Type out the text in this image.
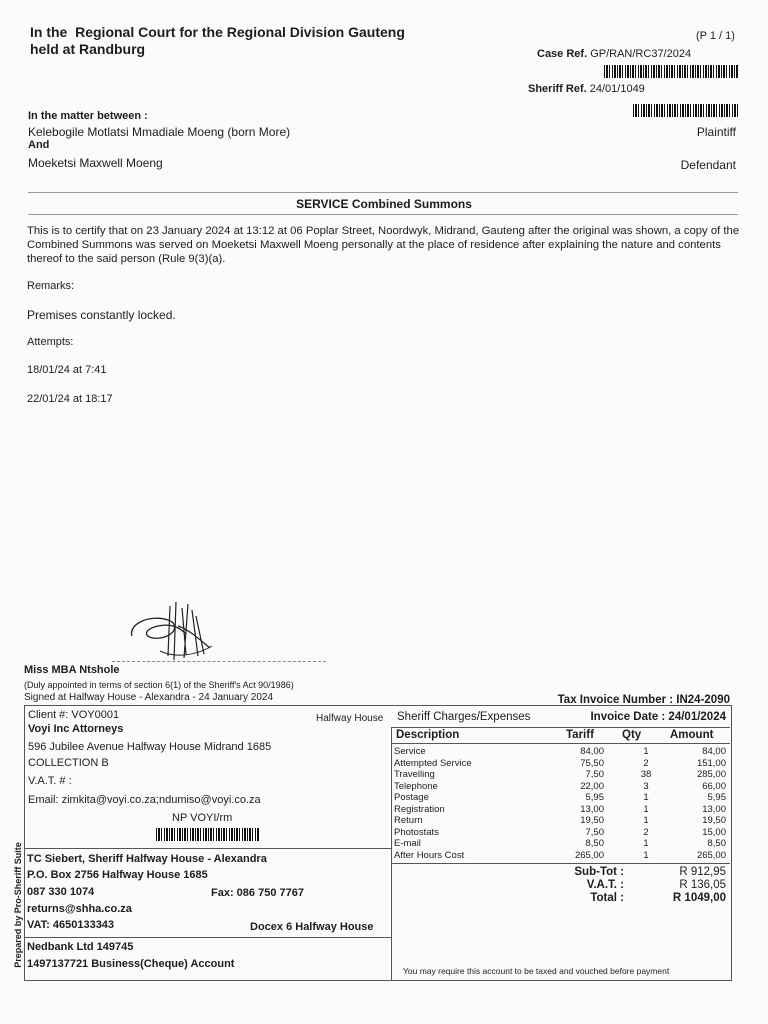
In the  Regional Court for the Regional Division Gauteng
held at Randburg
(P 1 / 1)
Case Ref. GP/RAN/RC37/2024
Sheriff Ref. 24/01/1049
In the matter between :
Kelebogile Motlatsi Mmadiale Moeng (born More)
And
Moeketsi Maxwell Moeng
Plaintiff
Defendant
SERVICE Combined Summons
This is to certify that on 23 January 2024 at 13:12 at 06 Poplar Street, Noordwyk, Midrand, Gauteng after the original was shown, a copy of the Combined Summons was served on Moeketsi Maxwell Moeng personally at the place of residence after explaining the nature and contents thereof to the said person (Rule 9(3)(a).
Remarks:
Premises constantly locked.
Attempts:
18/01/24 at 7:41
22/01/24 at 18:17
Miss MBA Ntshole
(Duly appointed in terms of section 6(1) of the Sheriff's Act 90/1986)
Signed at Halfway House - Alexandra - 24 January 2024	Tax Invoice Number : IN24-2090
Client #: VOY0001	Halfway House
Voyi Inc Attorneys
596 Jubilee Avenue Halfway House Midrand 1685
COLLECTION B
V.A.T. # :
Email: zimkita@voyi.co.za;ndumiso@voyi.co.za
NP VOYI/rm
TC Siebert, Sheriff Halfway House - Alexandra
P.O. Box 2756 Halfway House 1685
087 330 1074	Fax: 086 750 7767
returns@shha.co.za
VAT: 4650133343	Docex 6 Halfway House
Nedbank Ltd 149745
1497137721 Business(Cheque) Account
Prepared by Pro-Sheriff Suite
Sheriff Charges/Expenses	Invoice Date : 24/01/2024
Description	Tariff Qty	Amount
Service	84,00	1	84,00
Attempted Service	75,50	2	151,00
Travelling	7,50	38	285,00
Telephone	22,00	3	66,00
Postage	5,95	1	5,95
Registration	13,00	1	13,00
Return	19,50	1	19,50
Photostats	7,50	2	15,00
E-mail	8,50	1	8,50
After Hours Cost	265,00	1	265,00
Sub-Tot :	R 912,95
V.A.T. :	R 136,05
Total :	R 1049,00
You may require this account to be taxed and vouched before payment
